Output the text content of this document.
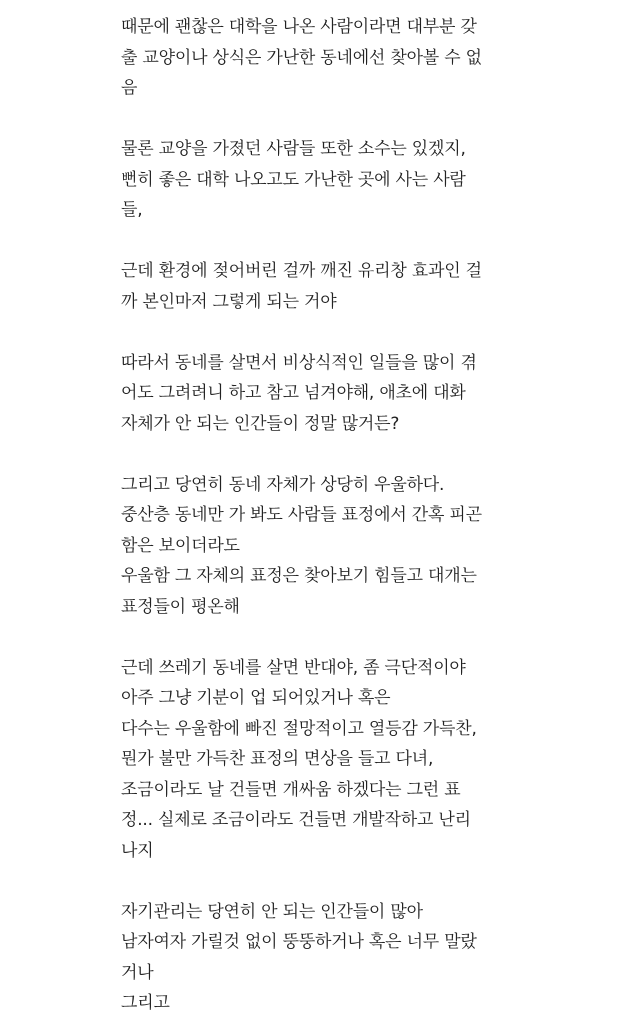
때문에 괜찮은 대학을 나온 사람이라면 대부분 갖
출 교양이나 상식은 가난한 동네에선 찾아볼 수 없
음
물론 교양을 가졌던 사람들 또한 소수는 있겠지,
뻔히 좋은 대학 나오고도 가난한 곳에 사는 사람
들,
근데 환경에 젖어버린 걸까 깨진 유리창 효과인 걸
까 본인마저 그렇게 되는 거야
따라서 동네를 살면서 비상식적인 일들을 많이 겪
어도 그려려니 하고 참고 넘겨야해, 애초에 대화
자체가 안 되는 인간들이 정말 많거든?
그리고 당연히 동네 자체가 상당히 우울하다.
중산층 동네만 가 봐도 사람들 표정에서 간혹 피곤
함은 보이더라도
우울함 그 자체의 표정은 찾아보기 힘들고 대개는
표정들이 평온해
근데 쓰레기 동네를 살면 반대야, 좀 극단적이야
아주 그냥 기분이 업 되어있거나 혹은
다수는 우울함에 빠진 절망적이고 열등감 가득찬,
뭔가 불만 가득찬 표정의 면상을 들고 다녀,
조금이라도 날 건들면 개싸움 하겠다는 그런 표
정... 실제로 조금이라도 건들면 개발작하고 난리
나지
자기관리는 당연히 안 되는 인간들이 많아
남자여자 가릴것 없이 뚱뚱하거나 혹은 너무 말랐
거나
그리고
